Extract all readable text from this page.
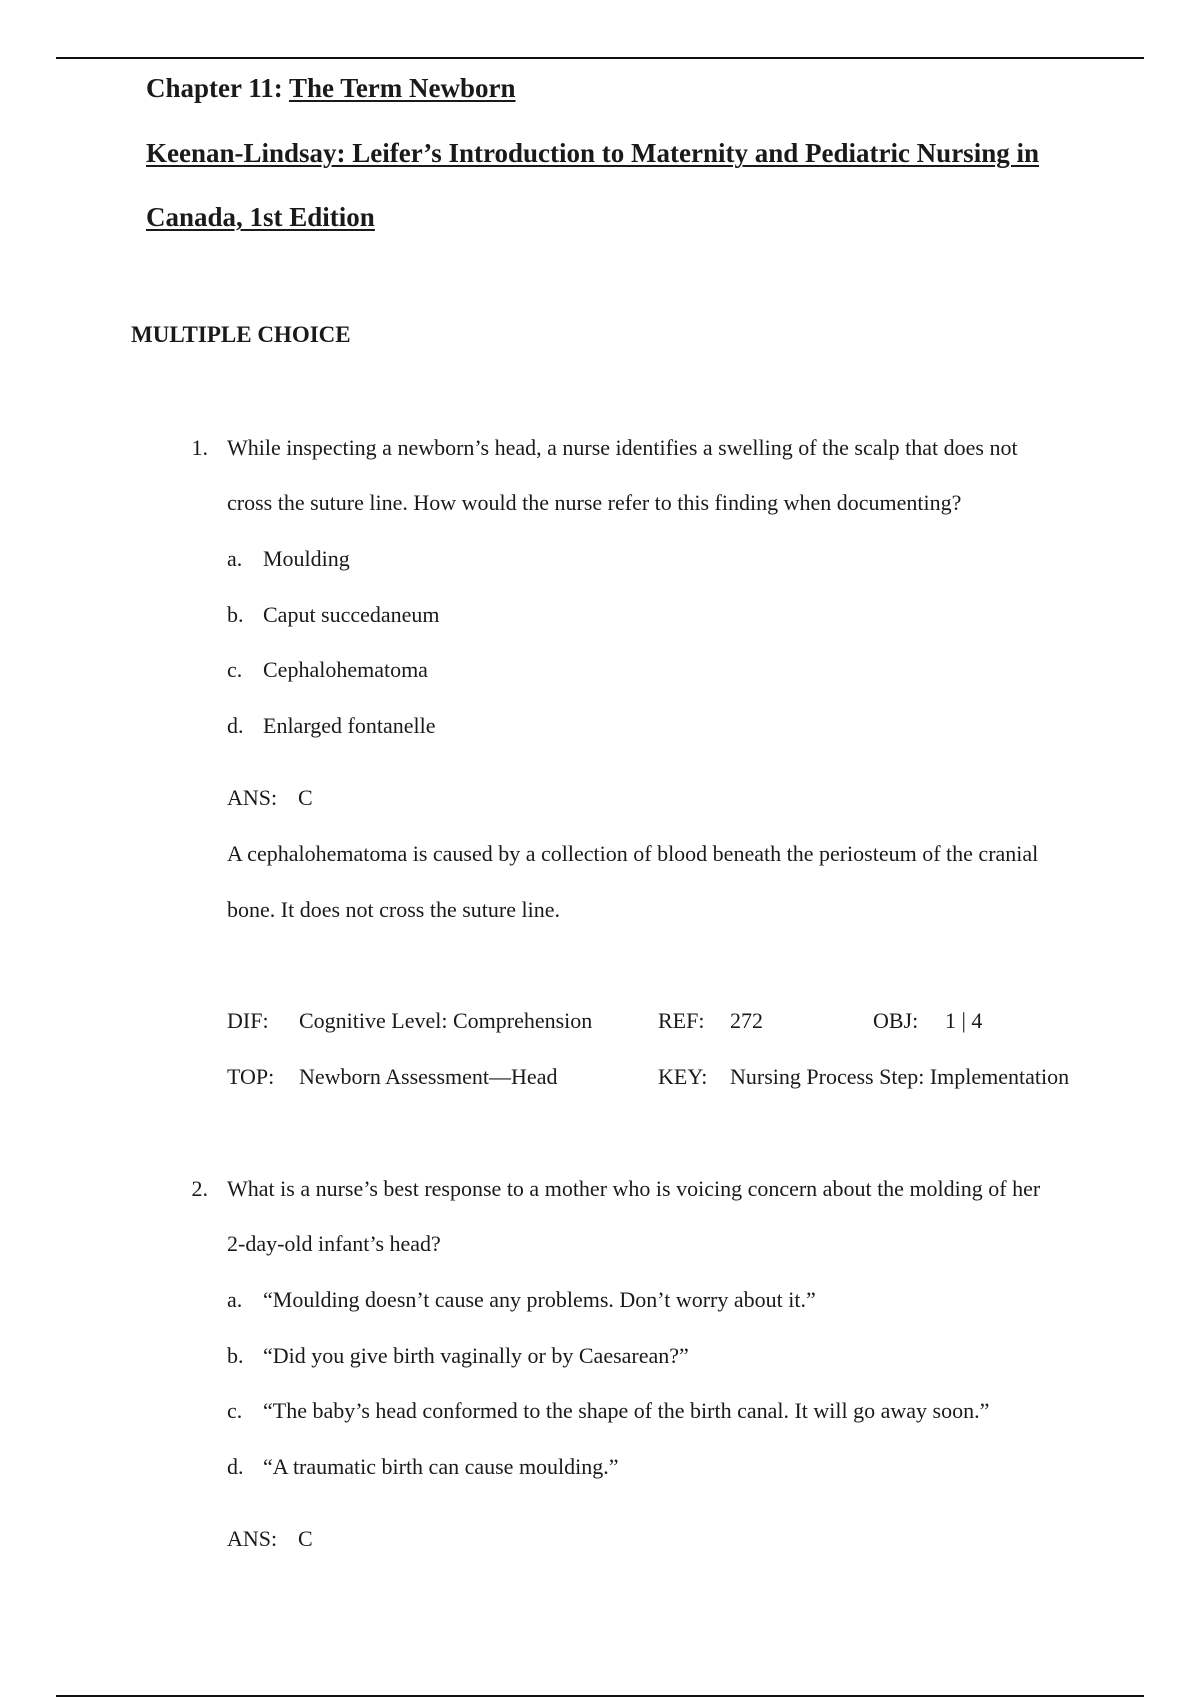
Chapter 11: The Term Newborn
Keenan-Lindsay: Leifer’s Introduction to Maternity and Pediatric Nursing in
Canada, 1st Edition
MULTIPLE CHOICE
1. While inspecting a newborn’s head, a nurse identifies a swelling of the scalp that does not
cross the suture line. How would the nurse refer to this finding when documenting?
a. Moulding
b. Caput succedaneum
c. Cephalohematoma
d. Enlarged fontanelle
ANS: C
A cephalohematoma is caused by a collection of blood beneath the periosteum of the cranial
bone. It does not cross the suture line.
DIF: Cognitive Level: Comprehension	REF: 272	OBJ: 1 | 4
TOP: Newborn Assessment—Head	KEY: Nursing Process Step: Implementation
2. What is a nurse’s best response to a mother who is voicing concern about the molding of her
2-day-old infant’s head?
a. “Moulding doesn’t cause any problems. Don’t worry about it.”
b. “Did you give birth vaginally or by Caesarean?”
c. “The baby’s head conformed to the shape of the birth canal. It will go away soon.”
d. “A traumatic birth can cause moulding.”
ANS: C
